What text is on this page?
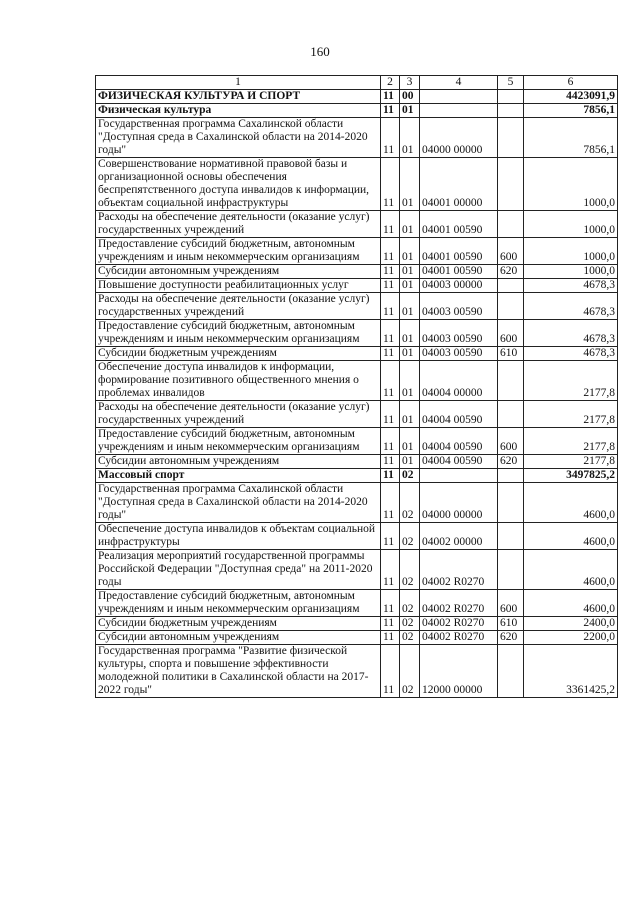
160
1	2	3	4	5	6
ФИЗИЧЕСКАЯ КУЛЬТУРА И СПОРТ	11	00			4423091,9
Физическая культура	11	01			7856,1
Государственная программа Сахалинской области "Доступная среда в Сахалинской области на 2014-2020 годы"	11	01	04000 00000		7856,1
Совершенствование нормативной правовой базы и организационной основы обеспечения беспрепятственного доступа инвалидов к информации, объектам социальной инфраструктуры	11	01	04001 00000		1000,0
Расходы на обеспечение деятельности (оказание услуг) государственных учреждений	11	01	04001 00590		1000,0
Предоставление субсидий бюджетным, автономным учреждениям и иным некоммерческим организациям	11	01	04001 00590	600	1000,0
Субсидии автономным учреждениям	11	01	04001 00590	620	1000,0
Повышение доступности реабилитационных услуг	11	01	04003 00000		4678,3
Расходы на обеспечение деятельности (оказание услуг) государственных учреждений	11	01	04003 00590		4678,3
Предоставление субсидий бюджетным, автономным учреждениям и иным некоммерческим организациям	11	01	04003 00590	600	4678,3
Субсидии бюджетным учреждениям	11	01	04003 00590	610	4678,3
Обеспечение доступа инвалидов к информации, формирование позитивного общественного мнения о проблемах инвалидов	11	01	04004 00000		2177,8
Расходы на обеспечение деятельности (оказание услуг) государственных учреждений	11	01	04004 00590		2177,8
Предоставление субсидий бюджетным, автономным учреждениям и иным некоммерческим организациям	11	01	04004 00590	600	2177,8
Субсидии автономным учреждениям	11	01	04004 00590	620	2177,8
Массовый спорт	11	02			3497825,2
Государственная программа Сахалинской области "Доступная среда в Сахалинской области на 2014-2020 годы"	11	02	04000 00000		4600,0
Обеспечение доступа инвалидов к объектам социальной инфраструктуры	11	02	04002 00000		4600,0
Реализация мероприятий государственной программы Российской Федерации "Доступная среда" на 2011-2020 годы	11	02	04002 R0270		4600,0
Предоставление субсидий бюджетным, автономным учреждениям и иным некоммерческим организациям	11	02	04002 R0270	600	4600,0
Субсидии бюджетным учреждениям	11	02	04002 R0270	610	2400,0
Субсидии автономным учреждениям	11	02	04002 R0270	620	2200,0
Государственная программа "Развитие физической культуры, спорта и повышение эффективности молодежной политики в Сахалинской области на 2017-2022 годы"	11	02	12000 00000		3361425,2
